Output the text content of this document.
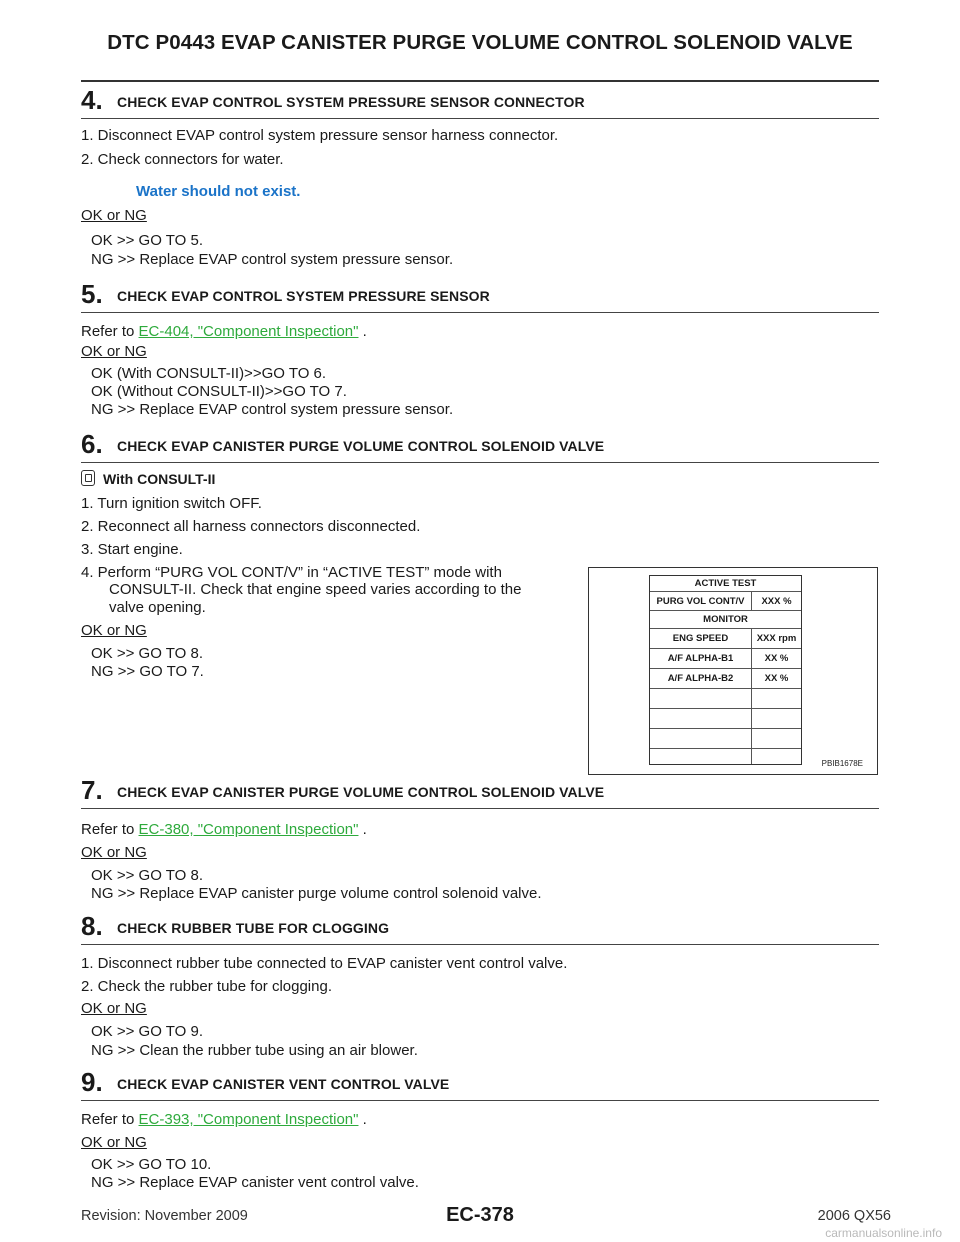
DTC P0443 EVAP CANISTER PURGE VOLUME CONTROL SOLENOID VALVE
4. CHECK EVAP CONTROL SYSTEM PRESSURE SENSOR CONNECTOR
1. Disconnect EVAP control system pressure sensor harness connector.
2. Check connectors for water.
Water should not exist.
OK or NG
OK >> GO TO 5.
NG >> Replace EVAP control system pressure sensor.
5. CHECK EVAP CONTROL SYSTEM PRESSURE SENSOR
Refer to EC-404, "Component Inspection" .
OK or NG
OK (With CONSULT-II)>>GO TO 6.
OK (Without CONSULT-II)>>GO TO 7.
NG >> Replace EVAP control system pressure sensor.
6. CHECK EVAP CANISTER PURGE VOLUME CONTROL SOLENOID VALVE
With CONSULT-II
1. Turn ignition switch OFF.
2. Reconnect all harness connectors disconnected.
3. Start engine.
4. Perform “PURG VOL CONT/V” in “ACTIVE TEST” mode with
CONSULT-II. Check that engine speed varies according to the
valve opening.
OK or NG
OK >> GO TO 8.
NG >> GO TO 7.
ACTIVE TEST
PURG VOL CONT/V	XXX %
MONITOR
ENG SPEED	XXX rpm
A/F ALPHA-B1	XX %
A/F ALPHA-B2	XX %
PBIB1678E
7. CHECK EVAP CANISTER PURGE VOLUME CONTROL SOLENOID VALVE
Refer to EC-380, "Component Inspection" .
OK or NG
OK >> GO TO 8.
NG >> Replace EVAP canister purge volume control solenoid valve.
8. CHECK RUBBER TUBE FOR CLOGGING
1. Disconnect rubber tube connected to EVAP canister vent control valve.
2. Check the rubber tube for clogging.
OK or NG
OK >> GO TO 9.
NG >> Clean the rubber tube using an air blower.
9. CHECK EVAP CANISTER VENT CONTROL VALVE
Refer to EC-393, "Component Inspection" .
OK or NG
OK >> GO TO 10.
NG >> Replace EVAP canister vent control valve.
Revision: November 2009	EC-378	2006 QX56
carmanualsonline.info
